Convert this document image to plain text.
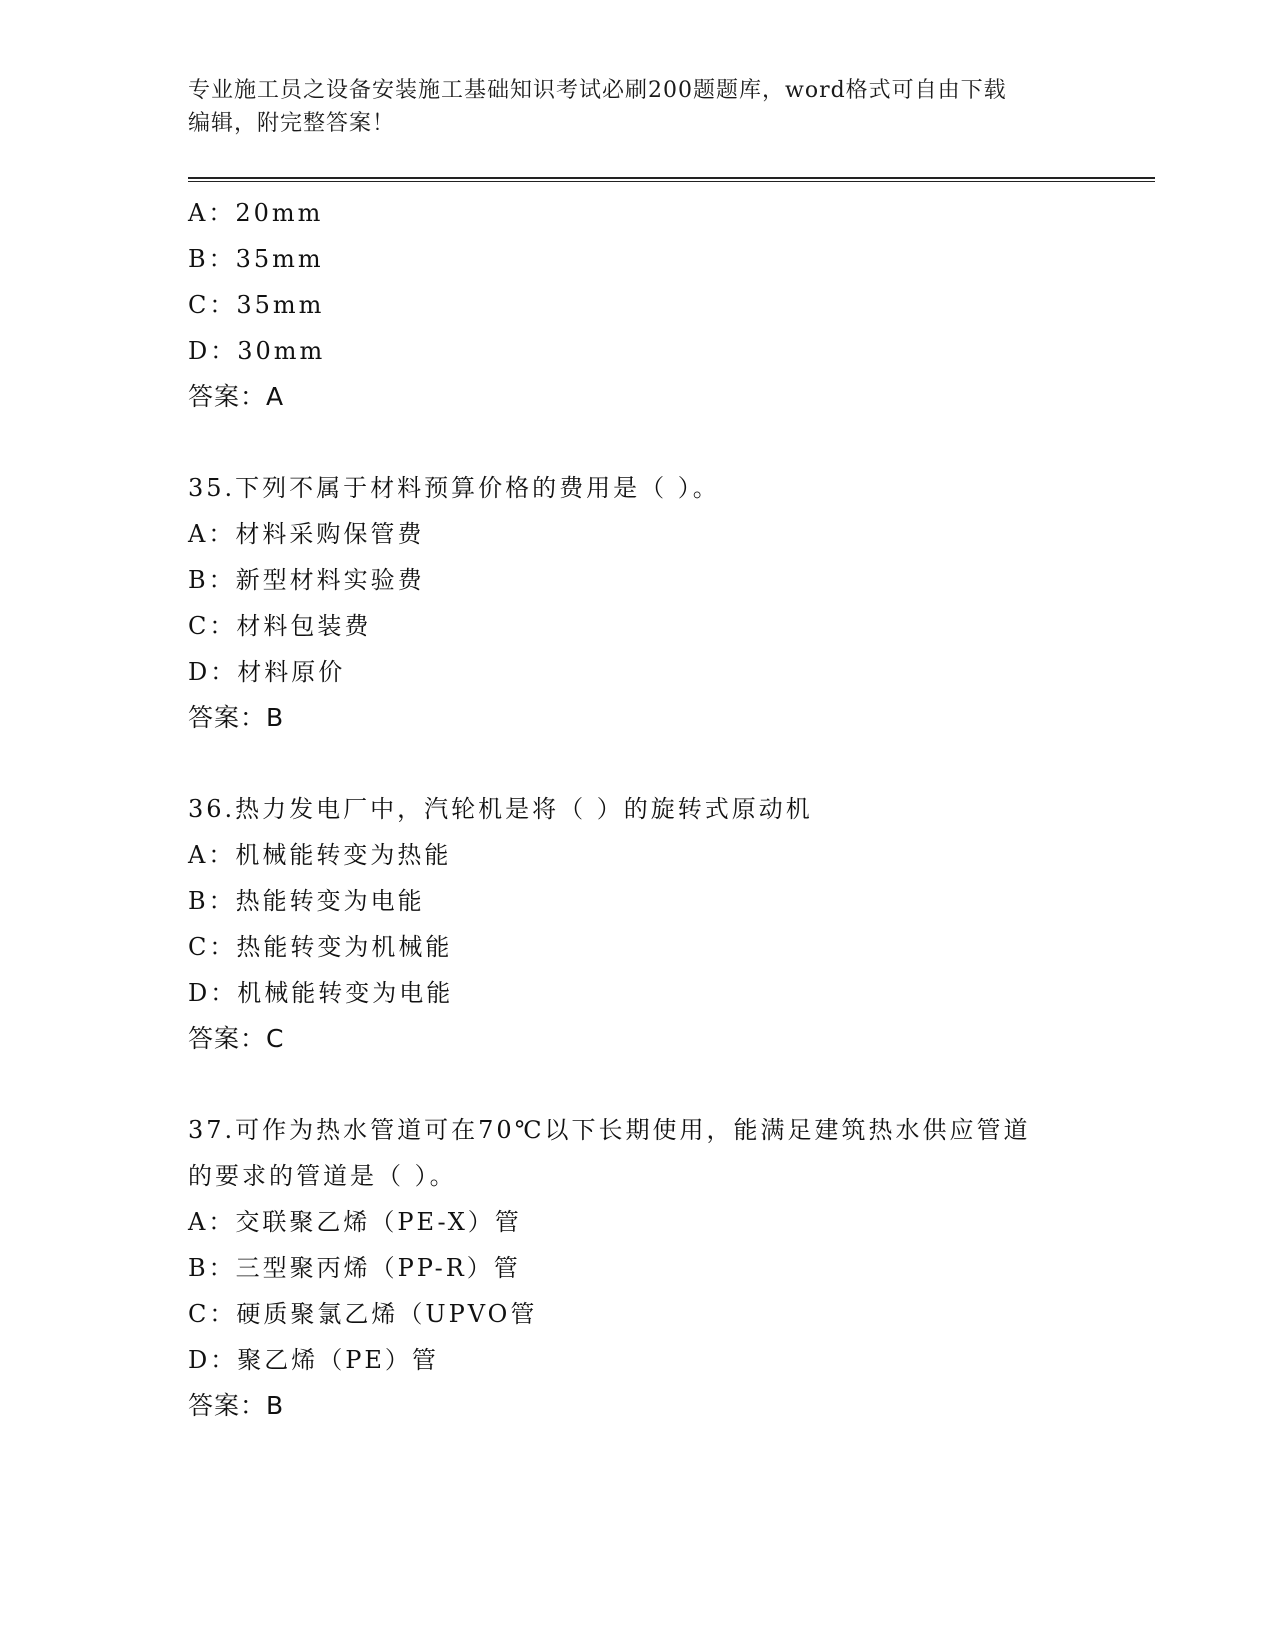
专业施工员之设备安装施工基础知识考试必刷200题题库，word格式可自由下载
编辑，附完整答案！
A：20mm
B：35mm
C：35mm
D：30mm
答案：A
35.下列不属于材料预算价格的费用是（ ）。
A：材料采购保管费
B：新型材料实验费
C：材料包装费
D：材料原价
答案：B
36.热力发电厂中，汽轮机是将（ ）的旋转式原动机
A：机械能转变为热能
B：热能转变为电能
C：热能转变为机械能
D：机械能转变为电能
答案：C
37.可作为热水管道可在70℃以下长期使用，能满足建筑热水供应管道
的要求的管道是（ ）。
A：交联聚乙烯（PE-X）管
B：三型聚丙烯（PP-R）管
C：硬质聚氯乙烯（UPVO管
D：聚乙烯（PE）管
答案：B
